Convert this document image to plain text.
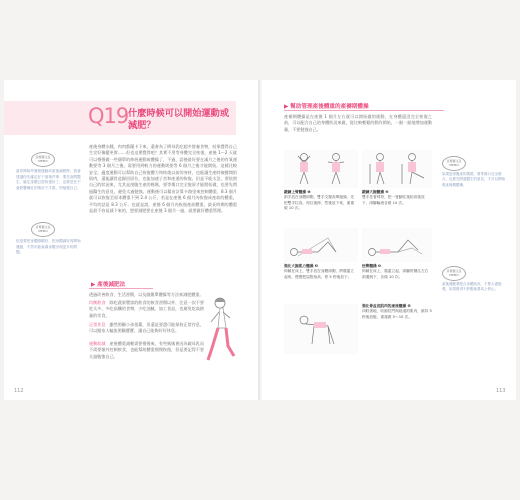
Q19 什麼時候可以開始運動或減肥？
這裡要注意 MEMO
當你開始考慮做運動或產後減肥時，我會建議你先確定好下面幾件事：要先詢問醫生，確定身體已經恢復好了，也要是在不會影響哺乳的情況下才做，別勉強自己。
這裡要注意 MEMO
但是要把身體照顧好，把身體調好再開始運動，不然可能會讓身體出現更多的問題。
產後身體水腫、肉肉都擺卡下來，還會為了擠母乳吃超多營養食物，結果覺得自己生完好像變更胖……但也這麼覺得吧？其實不用等身體完全恢復，產後 1～2 天就可以慢慢做一些簡單的伸展運動或體操了，不過，語後最好要在滿月之後的有氧運動要等 3 個月之後，需要用到較力的運動則要等 6 個月之後才能開始。這樣比較安全。適度運動可以幫助自己恢復體力和恢復以前的身材，也能讓生產時被撐開的肌肉，還能讓骨盆歸回原位，也能加速子宮和產道的恢復。但是不能太急，要依照自己的狀況來，尤其是剖腹生產的媽媽，要等傷口完全復原才能開始做，也要先問過醫生的意見，避免太過勉強。運動後可以藉由計算卡路里來控制體重，8.3 個月就可以恢復至原本體重不到 2.4 公斤，若是在產後 6 個月內恢復成產前的體重，平均的話是 8.3 公斤。也就是說，產後 6 個月內恢復產前體重，最長時期的體重是最不容易減下來的，想要減肥要在產後 3 個月一過，就要做好體重管理。
▶ 產後減肥法
透過改善飲食、生活習慣，以及做簡單體操等方法來減肥體重。
均衡飲食　 除吃蔬果豐富的飲食的飲食習慣以外，注意一次不要吃太多，多吃高纖的食物，少吃油膩、加工食品，也避免吃高熱量的零食。
正常作息　 雖然照顧小孩很累，但還是要盡可能保持正常作息，可以跟家人輪流照顧寶寶，讓自己能夠好好休息。
運動助減　 產後體重減輕需要慢慢來，有些媽媽會因為做母乳而不需要額外控制飲食，也能幫助體重慢慢恢復，但是要記得不要太過勉強自己。
112
▶ 幫助管理產後體重的產褥期體操
產褥期體操是在產後 1 個月左右就可以開始做的運動，在身體還沒完全恢復之前，可以配合自己的身體狀況來做，從比較輕鬆的動作開始，一點一點地增加運動量，不要勉強自己。
鍛鍊上臂體操 ❶
兩手放在身體兩側，雙手交握高舉過頭，先把雙手拉高，再往後伸，然後放下來，重複做 10 次。
鍛鍊大腿體操 ❷
雙手扶著椅背，把一隻腳往後抬高後放下，兩腳輪流各做 10 次。
強化大腿肌力體操 ❸
仰躺在床上，雙手放在身體兩側，將膝蓋立起來，慢慢把屁股抬高，停 5 秒後放下。
扭臀體操 ❹
仰躺在床上，膝蓋立起，兩腳併攏往左右兩邊倒下，各做 10 次。
強化骨盆底肌肉的產後體操 ❺
四肢著地，收縮肛門與陰道的肌肉，維持 5 秒後放鬆，重複做 5～10 次。
這裡要注意 MEMO
如果是剖腹產的媽媽，要等傷口完全癒合，也要先問過醫生的意見，才可以開始做產褥期體操。
這裡要注意 MEMO
產後運動要配合身體狀況，不要太過勉強，如果覺得不舒服就要馬上停止。
113
